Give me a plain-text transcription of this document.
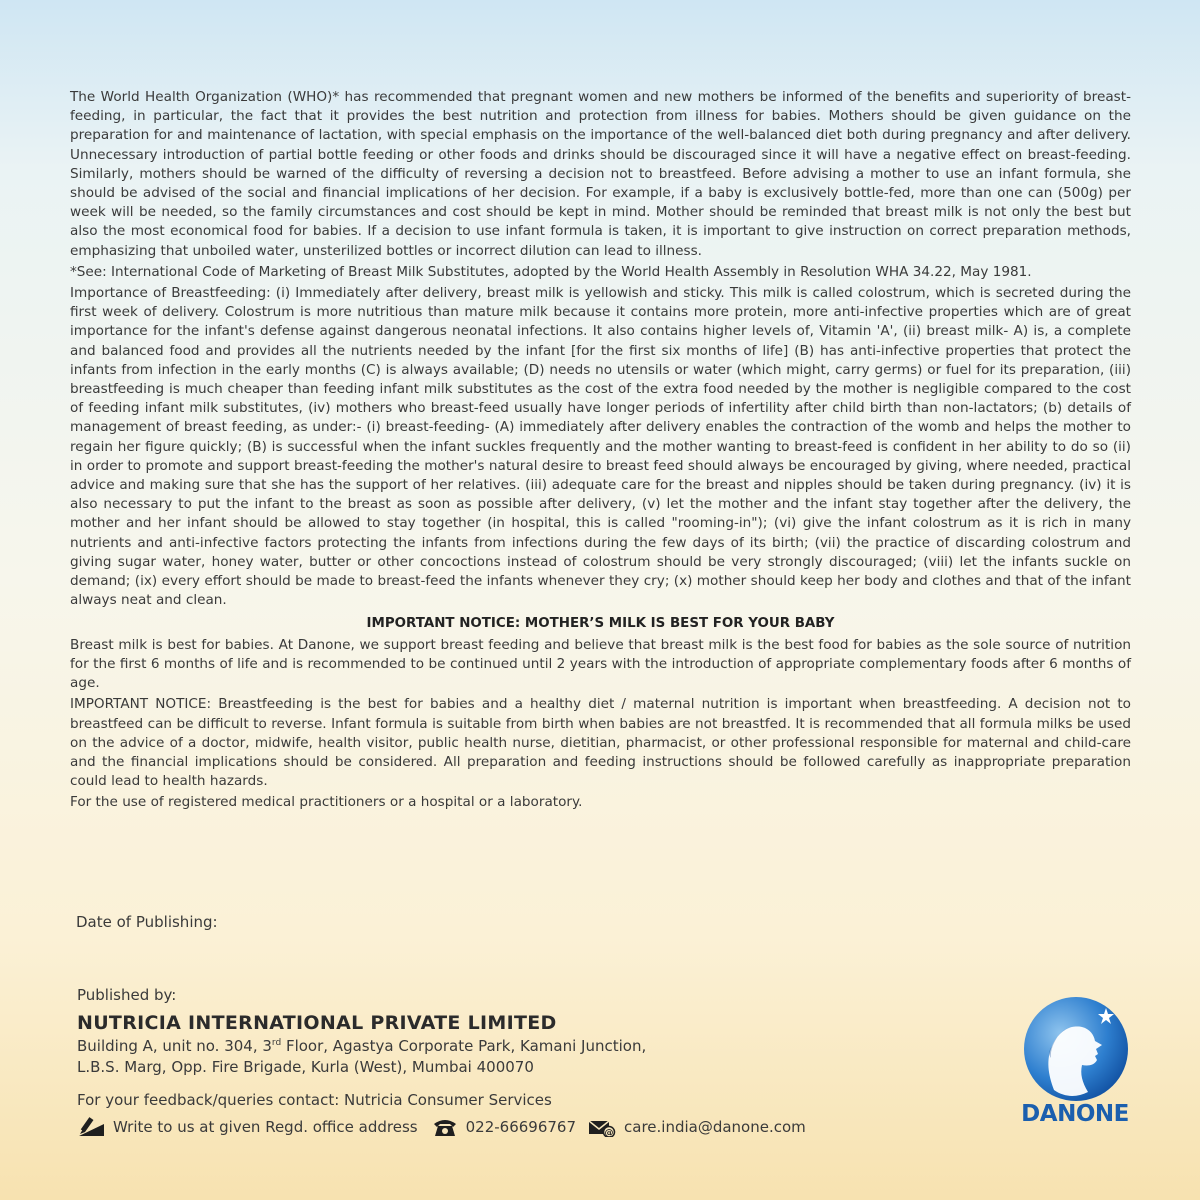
The World Health Organization (WHO)* has recommended that pregnant women and new mothers be informed of the benefits and superiority of breast-feeding, in particular, the fact that it provides the best nutrition and protection from illness for babies. Mothers should be given guidance on the preparation for and maintenance of lactation, with special emphasis on the importance of the well-balanced diet both during pregnancy and after delivery. Unnecessary introduction of partial bottle feeding or other foods and drinks should be discouraged since it will have a negative effect on breast-feeding. Similarly, mothers should be warned of the difficulty of reversing a decision not to breastfeed. Before advising a mother to use an infant formula, she should be advised of the social and financial implications of her decision. For example, if a baby is exclusively bottle-fed, more than one can (500g) per week will be needed, so the family circumstances and cost should be kept in mind. Mother should be reminded that breast milk is not only the best but also the most economical food for babies. If a decision to use infant formula is taken, it is important to give instruction on correct preparation methods, emphasizing that unboiled water, unsterilized bottles or incorrect dilution can lead to illness.

*See: International Code of Marketing of Breast Milk Substitutes, adopted by the World Health Assembly in Resolution WHA 34.22, May 1981.

Importance of Breastfeeding: (i) Immediately after delivery, breast milk is yellowish and sticky. This milk is called colostrum, which is secreted during the first week of delivery. Colostrum is more nutritious than mature milk because it contains more protein, more anti-infective properties which are of great importance for the infant's defense against dangerous neonatal infections. It also contains higher levels of, Vitamin 'A', (ii) breast milk- A) is, a complete and balanced food and provides all the nutrients needed by the infant [for the first six months of life] (B) has anti-infective properties that protect the infants from infection in the early months (C) is always available; (D) needs no utensils or water (which might, carry germs) or fuel for its preparation, (iii) breastfeeding is much cheaper than feeding infant milk substitutes as the cost of the extra food needed by the mother is negligible compared to the cost of feeding infant milk substitutes, (iv) mothers who breast-feed usually have longer periods of infertility after child birth than non-lactators; (b) details of management of breast feeding, as under:- (i) breast-feeding- (A) immediately after delivery enables the contraction of the womb and helps the mother to regain her figure quickly; (B) is successful when the infant suckles frequently and the mother wanting to breast-feed is confident in her ability to do so (ii) in order to promote and support breast-feeding the mother's natural desire to breast feed should always be encouraged by giving, where needed, practical advice and making sure that she has the support of her relatives. (iii) adequate care for the breast and nipples should be taken during pregnancy. (iv) it is also necessary to put the infant to the breast as soon as possible after delivery, (v) let the mother and the infant stay together after the delivery, the mother and her infant should be allowed to stay together (in hospital, this is called "rooming-in"); (vi) give the infant colostrum as it is rich in many nutrients and anti-infective factors protecting the infants from infections during the few days of its birth; (vii) the practice of discarding colostrum and giving sugar water, honey water, butter or other concoctions instead of colostrum should be very strongly discouraged; (viii) let the infants suckle on demand; (ix) every effort should be made to breast-feed the infants whenever they cry; (x) mother should keep her body and clothes and that of the infant always neat and clean.

IMPORTANT NOTICE: MOTHER’S MILK IS BEST FOR YOUR BABY

Breast milk is best for babies. At Danone, we support breast feeding and believe that breast milk is the best food for babies as the sole source of nutrition for the first 6 months of life and is recommended to be continued until 2 years with the introduction of appropriate complementary foods after 6 months of age.

IMPORTANT NOTICE: Breastfeeding is the best for babies and a healthy diet / maternal nutrition is important when breastfeeding. A decision not to breastfeed can be difficult to reverse. Infant formula is suitable from birth when babies are not breastfed. It is recommended that all formula milks be used on the advice of a doctor, midwife, health visitor, public health nurse, dietitian, pharmacist, or other professional responsible for maternal and child-care and the financial implications should be considered. All preparation and feeding instructions should be followed carefully as inappropriate preparation could lead to health hazards.

For the use of registered medical practitioners or a hospital or a laboratory.

Date of Publishing:
Published by:
NUTRICIA INTERNATIONAL PRIVATE LIMITED
Building A, unit no. 304, 3rd Floor, Agastya Corporate Park, Kamani Junction,
L.B.S. Marg, Opp. Fire Brigade, Kurla (West), Mumbai 400070
For your feedback/queries contact: Nutricia Consumer Services
Write to us at given Regd. office address	022-66696767	@ care.india@danone.com	DANONE
